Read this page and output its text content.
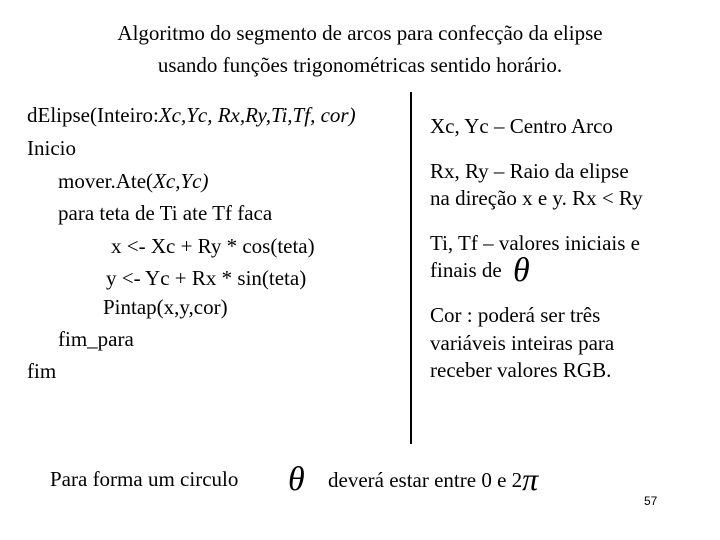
Algoritmo do segmento de arcos para confecção da elipse
usando funções trigonométricas sentido horário.
dElipse(Inteiro:Xc,Yc, Rx,Ry,Ti,Tf, cor)
Inicio
mover.Ate(Xc,Yc)
para teta de Ti ate Tf faca
x <- Xc + Ry * cos(teta)
y <- Yc + Rx * sin(teta)
Pintap(x,y,cor)
fim_para
fim
Xc, Yc – Centro Arco
Rx, Ry – Raio da elipse
na direção x e y. Rx < Ry
Ti, Tf – valores iniciais e
finais de θ
Cor : poderá ser três
variáveis inteiras para
receber valores RGB.
Para forma um circulo θ deverá estar entre 0 e 2π
57
